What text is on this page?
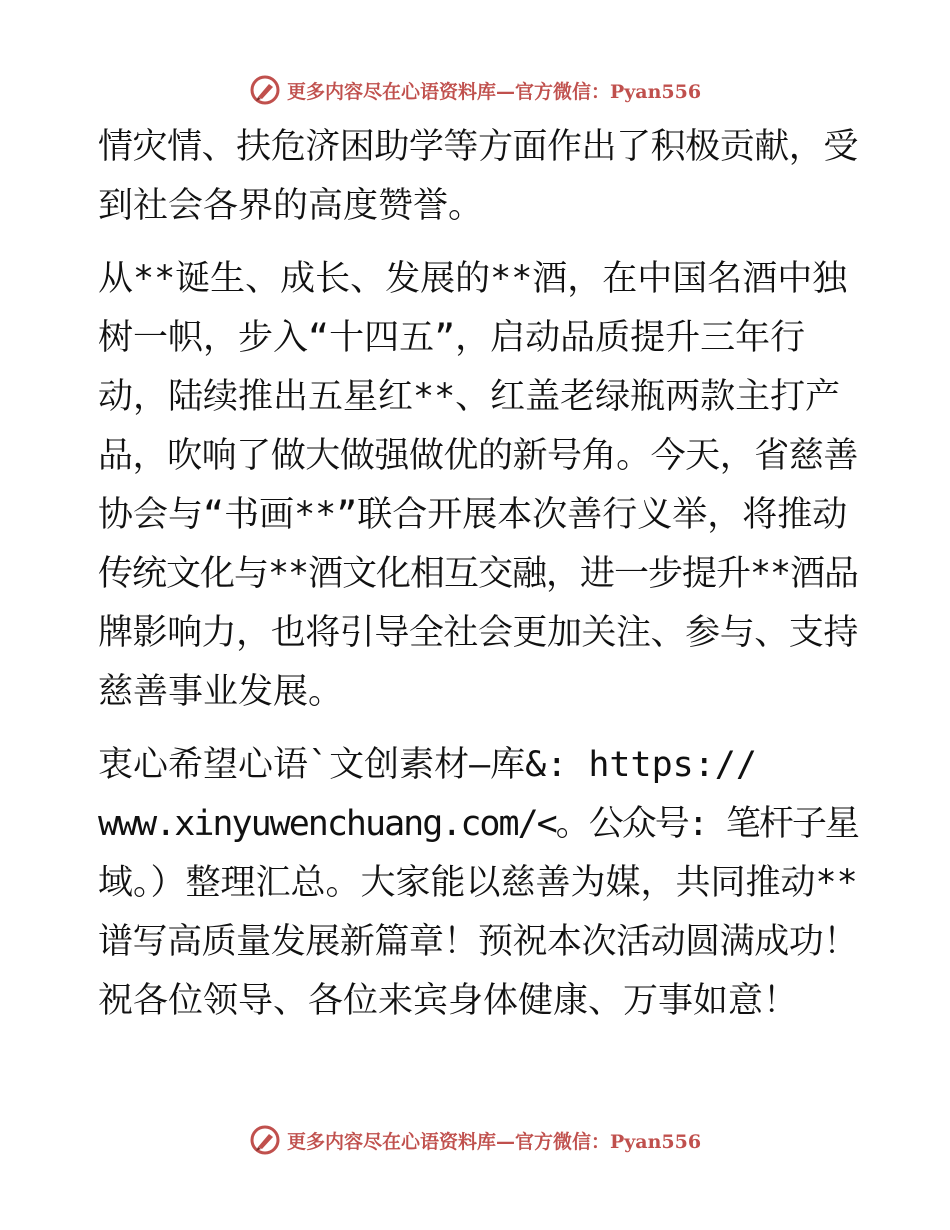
更多内容尽在心语资料库—官方微信：Pyan556
情灾情、扶危济困助学等方面作出了积极贡献，受
到社会各界的高度赞誉。
从**诞生、成长、发展的**酒，在中国名酒中独
树一帜，步入“十四五”，启动品质提升三年行
动，陆续推出五星红**、红盖老绿瓶两款主打产
品，吹响了做大做强做优的新号角。今天，省慈善
协会与“书画**”联合开展本次善行义举，将推动
传统文化与**酒文化相互交融，进一步提升**酒品
牌影响力，也将引导全社会更加关注、参与、支持
慈善事业发展。
衷心希望心语`文创素材—库&: https://
www.xinyuwenchuang.com/<。公众号: 笔杆子星
域。）整理汇总。大家能以慈善为媒，共同推动**
谱写高质量发展新篇章！预祝本次活动圆满成功！
祝各位领导、各位来宾身体健康、万事如意！
更多内容尽在心语资料库—官方微信：Pyan556
